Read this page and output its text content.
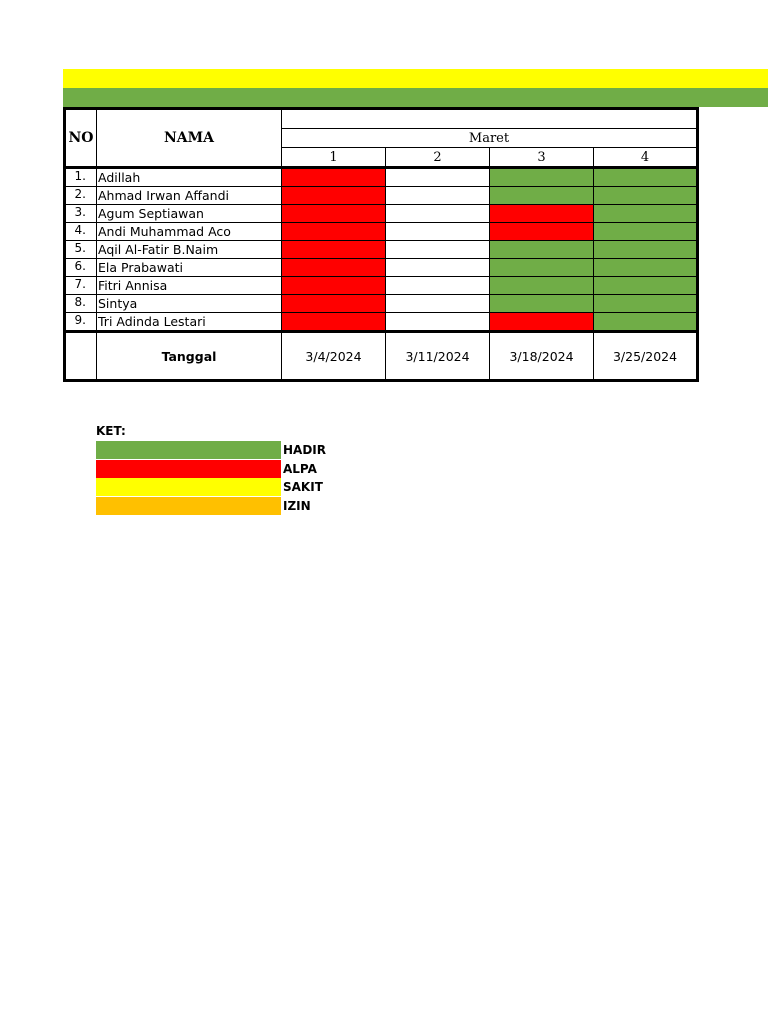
NO	NAMA				
		Maret			
		1	2	3	4
1.	Adillah				
2.	Ahmad Irwan Affandi				
3.	Agum Septiawan				
4.	Andi Muhammad Aco				
5.	Aqil Al-Fatir B.Naim				
6.	Ela Prabawati				
7.	Fitri Annisa				
8.	Sintya				
9.	Tri Adinda Lestari				
	Tanggal	3/4/2024	3/11/2024	3/18/2024	3/25/2024
KET:
HADIR
ALPA
SAKIT
IZIN
